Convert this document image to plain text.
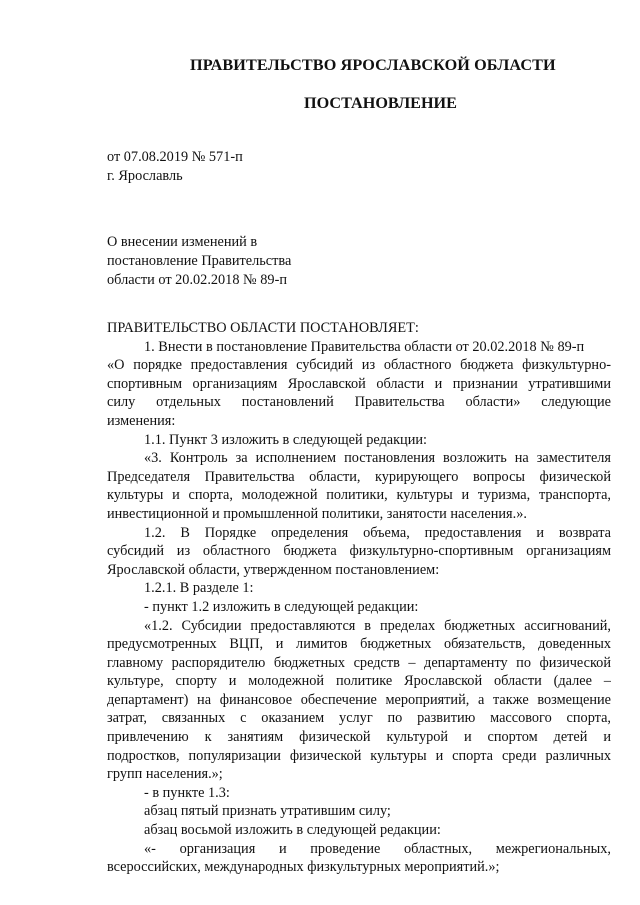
ПРАВИТЕЛЬСТВО ЯРОСЛАВСКОЙ ОБЛАСТИ
ПОСТАНОВЛЕНИЕ
от 07.08.2019 № 571-п
г. Ярославль
О внесении изменений в
постановление Правительства
области от 20.02.2018 № 89-п
ПРАВИТЕЛЬСТВО ОБЛАСТИ ПОСТАНОВЛЯЕТ:
1. Внести в постановление Правительства области от 20.02.2018 № 89-п
«О порядке предоставления субсидий из областного бюджета физкультурно-
спортивным организациям Ярославской области и признании утратившими
силу отдельных постановлений Правительства области» следующие
изменения:
1.1. Пункт 3 изложить в следующей редакции:
«3. Контроль за исполнением постановления возложить на заместителя
Председателя Правительства области, курирующего вопросы физической
культуры и спорта, молодежной политики, культуры и туризма, транспорта,
инвестиционной и промышленной политики, занятости населения.».
1.2. В Порядке определения объема, предоставления и возврата
субсидий из областного бюджета физкультурно-спортивным организациям
Ярославской области, утвержденном постановлением:
1.2.1. В разделе 1:
- пункт 1.2 изложить в следующей редакции:
«1.2. Субсидии предоставляются в пределах бюджетных ассигнований,
предусмотренных ВЦП, и лимитов бюджетных обязательств, доведенных
главному распорядителю бюджетных средств – департаменту по физической
культуре, спорту и молодежной политике Ярославской области (далее –
департамент) на финансовое обеспечение мероприятий, а также возмещение
затрат, связанных с оказанием услуг по развитию массового спорта,
привлечению к занятиям физической культурой и спортом детей и
подростков, популяризации физической культуры и спорта среди различных
групп населения.»;
- в пункте 1.3:
абзац пятый признать утратившим силу;
абзац восьмой изложить в следующей редакции:
«- организация и проведение областных, межрегиональных,
всероссийских, международных физкультурных мероприятий.»;
